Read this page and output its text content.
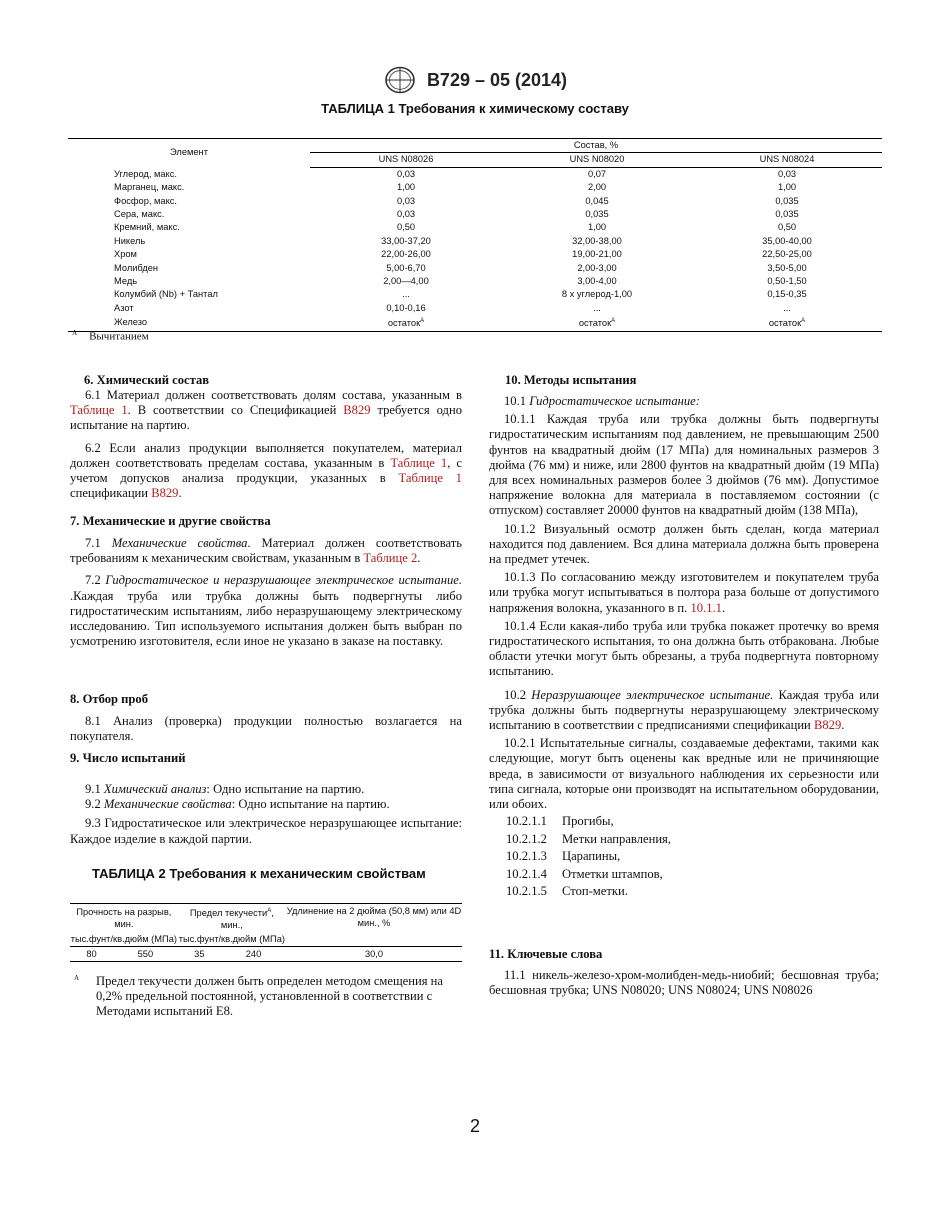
B729 – 05 (2014)
ТАБЛИЦА 1 Требования к химическому составу
Элемент	Состав, %		
	UNS N08026	UNS N08020	UNS N08024
Углерод, макс.	0,03	0,07	0,03
Марганец, макс.	1,00	2,00	1,00
Фосфор, макс.	0,03	0,045	0,035
Сера, макс.	0,03	0,035	0,035
Кремний, макс.	0,50	1,00	0,50
Никель	33,00-37,20	32,00-38,00	35,00-40,00
Хром	22,00-26,00	19,00-21,00	22,50-25,00
Молибден	5,00-6,70	2,00-3,00	3,50-5,00
Медь	2,00—4,00	3,00-4,00	0,50-1,50
Колумбий (Nb) + Тантал	...	8 х углерод-1,00	0,15-0,35
Азот	0,10-0,16	...	...
Железо	остаток$^A$	остаток$^A$	остаток$^A$
$^A$ Вычитанием

6. Химический состав

6.1 Материал должен соответствовать долям состава, указанным в Таблице 1. В соответствии со Спецификацией B829 требуется одно испытание на партию.

6.2 Если анализ продукции выполняется покупателем, материал должен соответствовать пределам состава, указанным в Таблице 1, с учетом допусков анализа продукции, указанных в Таблице 1 спецификации B829.

7. Механические и другие свойства

7.1 Механические свойства. Материал должен соответствовать требованиям к механическим свойствам, указанным в Таблице 2.

7.2 Гидростатическое и неразрушающее электрическое испытание. .Каждая труба или трубка должны быть подвергнуты либо гидростатическим испытаниям, либо неразрушающему электрическому исследованию. Тип используемого испытания должен быть выбран по усмотрению изготовителя, если иное не указано в заказе на поставку.

8. Отбор проб

8.1 Анализ (проверка) продукции полностью возлагается на покупателя.

9. Число испытаний

9.1 Химический анализ: Одно испытание на партию.

9.2 Механические свойства: Одно испытание на партию.

9.3 Гидростатическое или электрическое неразрушающее испытание: Каждое изделие в каждой партии.

ТАБЛИЦА 2 Требования к механическим свойствам
Прочность на разрыв, мин.		Предел текучести$^A$, мин.,		Удлинение на 2 дюйма (50,8 мм) или 4D мин., %
тыс.фунт/кв.дюйм (МПа)		тыс.фунт/кв.дюйм (МПа)		
80	550	35	240	30,0
A Предел текучести должен быть определен методом смещения на 0,2% предельной постоянной, установленной в соответствии с Методами испытаний E8.

10. Методы испытания

10.1 Гидростатическое испытание:

10.1.1 Каждая труба или трубка должны быть подвергнуты гидростатическим испытаниям под давлением, не превышающим 2500 фунтов на квадратный дюйм (17 МПа) для номинальных размеров 3 дюйма (76 мм) и ниже, или 2800 фунтов на квадратный дюйм (19 МПа) для всех номинальных размеров более 3 дюймов (76 мм). Допустимое напряжение волокна для материала в поставляемом состоянии (с отпуском) составляет 20000 фунтов на квадратный дюйм (138 МПа),

10.1.2 Визуальный осмотр должен быть сделан, когда материал находится под давлением. Вся длина материала должна быть проверена на предмет утечек.

10.1.3 По согласованию между изготовителем и покупателем труба или трубка могут испытываться в полтора раза больше от допустимого напряжения волокна, указанного в п. 10.1.1.

10.1.4 Если какая-либо труба или трубка покажет протечку во время гидростатического испытания, то она должна быть отбракована. Любые области утечки могут быть обрезаны, а труба подвергнута повторному испытанию.

10.2 Неразрушающее электрическое испытание. Каждая труба или трубка должны быть подвергнуты неразрушающему электрическому испытанию в соответствии с предписаниями спецификации B829.

10.2.1 Испытательные сигналы, создаваемые дефектами, такими как следующие, могут быть оценены как вредные или не причиняющие вреда, в зависимости от визуального наблюдения их серьезности или типа сигнала, которые они производят на испытательном оборудовании, или обоих.

10.2.1.1 Прогибы,

10.2.1.2 Метки направления,

10.2.1.3 Царапины,

10.2.1.4 Отметки штампов,

10.2.1.5 Стоп-метки.

11. Ключевые слова

11.1 никель-железо-хром-молибден-медь-ниобий; бесшовная труба; бесшовная трубка; UNS N08020; UNS N08024; UNS N08026

2
